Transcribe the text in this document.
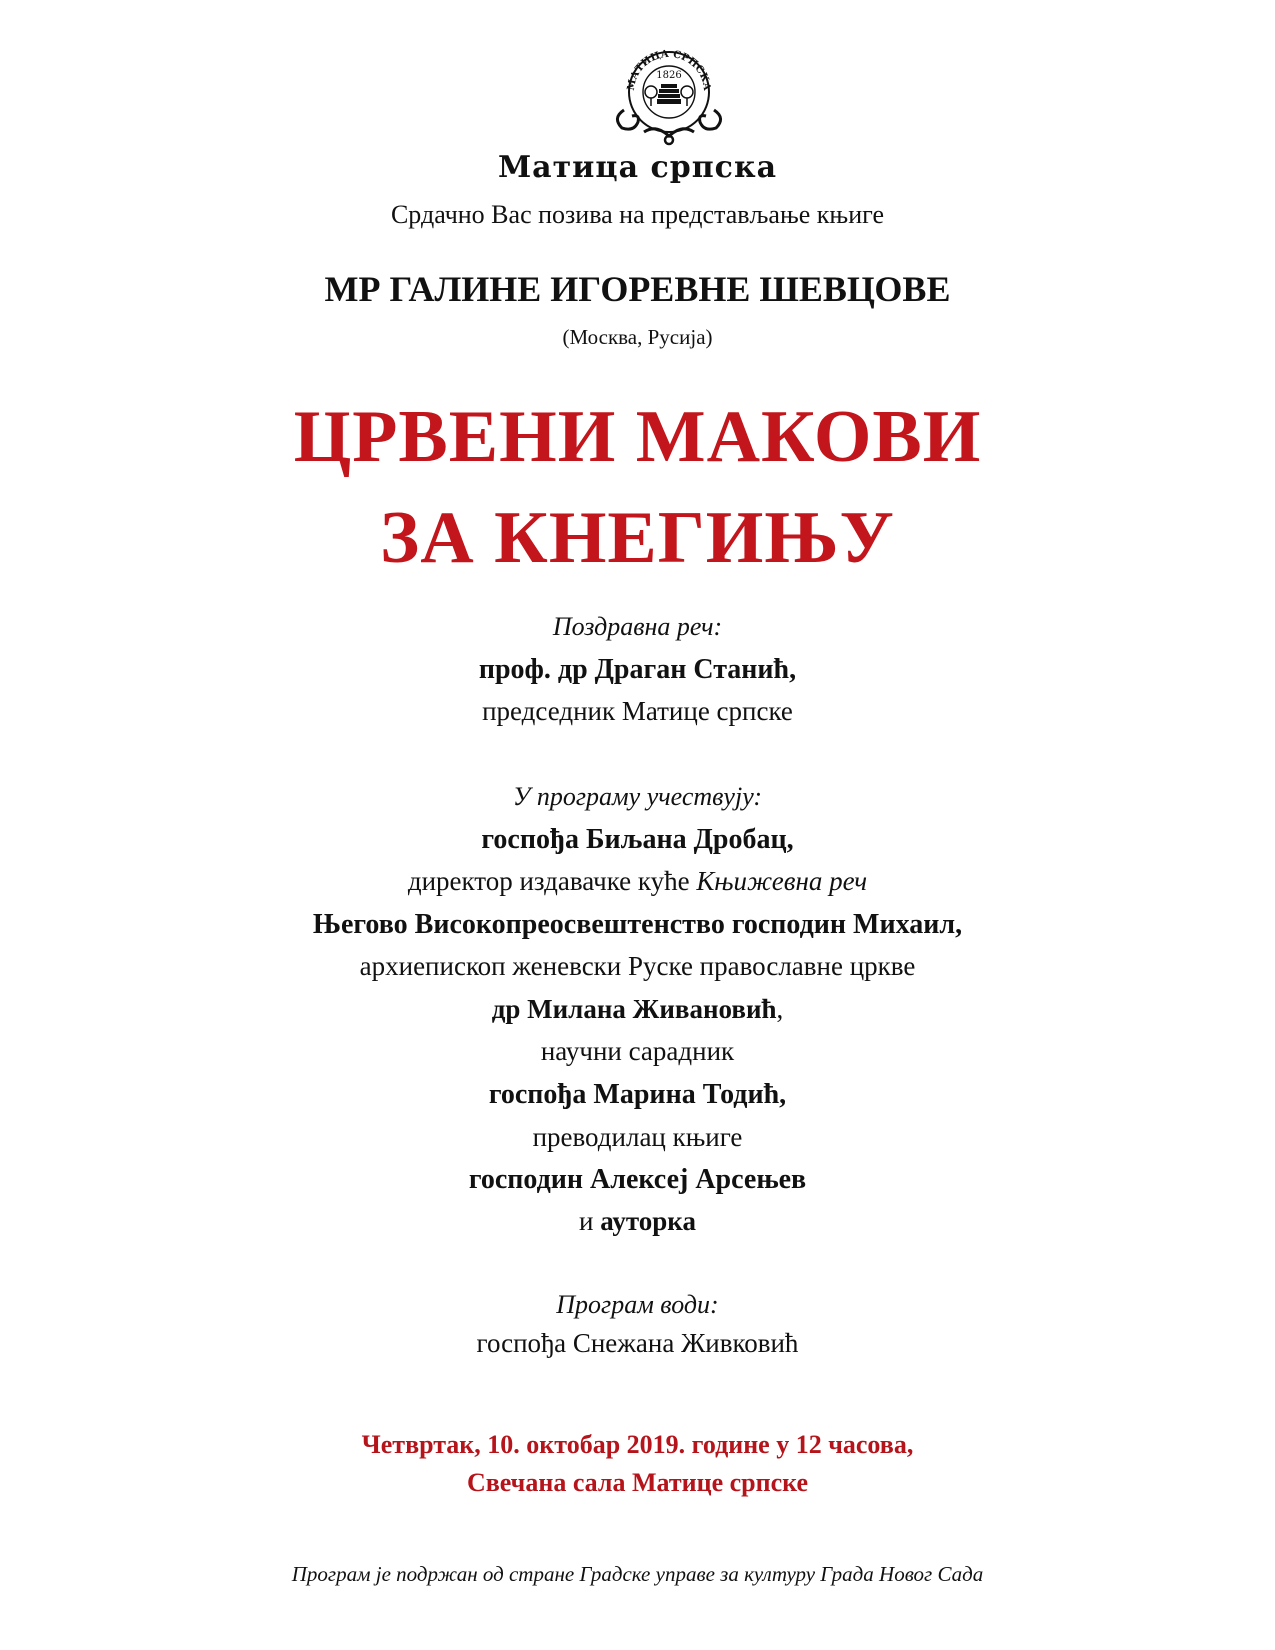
МАТИЦА СРПСКА
1826
Матица српска
Срдачно Вас позива на представљање књиге
МР ГАЛИНЕ ИГОРЕВНЕ ШЕВЦОВЕ
(Москва, Русија)
ЦРВЕНИ МАКОВИ
ЗА КНЕГИЊУ
Поздравна реч:
проф. др Драган Станић,
председник Матице српске
У програму учествују:
госпођа Биљана Дробац,
директор издавачке куће Књижевна реч
Његово Високопреосвештенство господин Михаил,
архиепископ женевски Руске православне цркве
др Милана Живановић,
научни сарадник
госпођа Марина Тодић,
преводилац књиге
господин Алексеј Арсењев
и ауторка
Програм води:
госпођа Снежана Живковић
Четвртак, 10. октобар 2019. године у 12 часова,
Свечана сала Матице српске
Програм је подржан од стране Градске управе за културу Града Новог Сада
